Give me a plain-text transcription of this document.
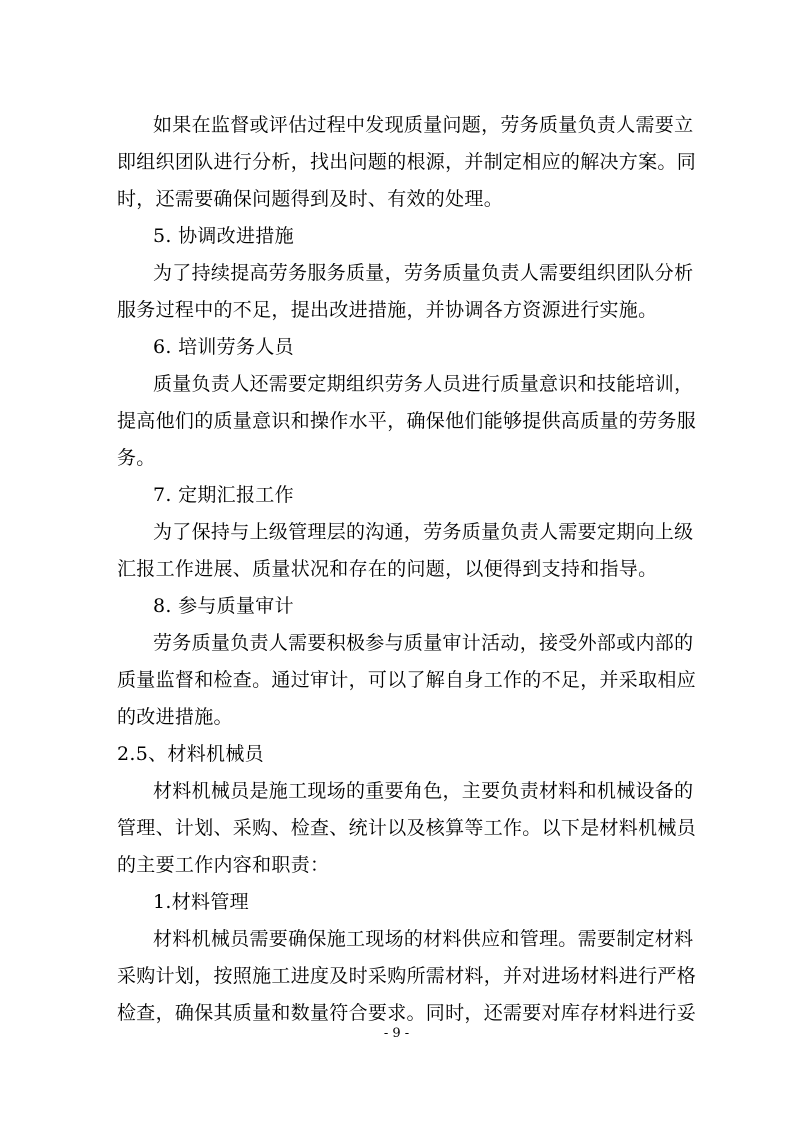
如果在监督或评估过程中发现质量问题，劳务质量负责人需要立

即组织团队进行分析，找出问题的根源，并制定相应的解决方案。同

时，还需要确保问题得到及时、有效的处理。

5. 协调改进措施

为了持续提高劳务服务质量，劳务质量负责人需要组织团队分析

服务过程中的不足，提出改进措施，并协调各方资源进行实施。

6. 培训劳务人员

质量负责人还需要定期组织劳务人员进行质量意识和技能培训，

提高他们的质量意识和操作水平，确保他们能够提供高质量的劳务服

务。

7. 定期汇报工作

为了保持与上级管理层的沟通，劳务质量负责人需要定期向上级

汇报工作进展、质量状况和存在的问题，以便得到支持和指导。

8. 参与质量审计

劳务质量负责人需要积极参与质量审计活动，接受外部或内部的

质量监督和检查。通过审计，可以了解自身工作的不足，并采取相应

的改进措施。

2.5、材料机械员

材料机械员是施工现场的重要角色，主要负责材料和机械设备的

管理、计划、采购、检查、统计以及核算等工作。以下是材料机械员

的主要工作内容和职责：

1.材料管理

材料机械员需要确保施工现场的材料供应和管理。需要制定材料

采购计划，按照施工进度及时采购所需材料，并对进场材料进行严格

检查，确保其质量和数量符合要求。同时，还需要对库存材料进行妥

- 9 -
